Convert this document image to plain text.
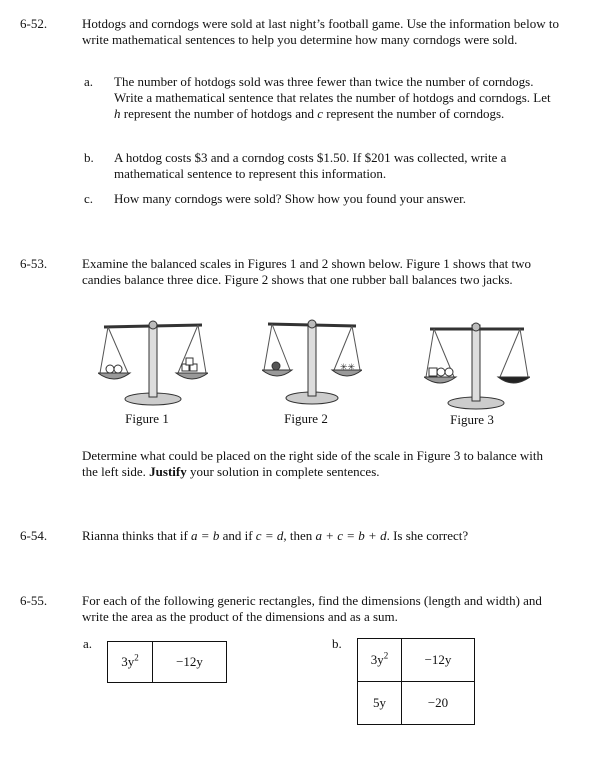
6-52.	Hotdogs and corndogs were sold at last night’s football game. Use the information below to write mathematical sentences to help you determine how many corndogs were sold.
a. The number of hotdogs sold was three fewer than twice the number of corndogs. Write a mathematical sentence that relates the number of hotdogs and corndogs. Let h represent the number of hotdogs and c represent the number of corndogs.
b. A hotdog costs $3 and a corndog costs $1.50. If $201 was collected, write a mathematical sentence to represent this information.
c. How many corndogs were sold? Show how you found your answer.
6-53.	Examine the balanced scales in Figures 1 and 2 shown below. Figure 1 shows that two candies balance three dice. Figure 2 shows that one rubber ball balances two jacks.
Figure 1
✳✳
Figure 2	Figure 3
Determine what could be placed on the right side of the scale in Figure 3 to balance with the left side. Justify your solution in complete sentences.
6-54.	Rianna thinks that if a = b and if c = d, then a + c = b + d. Is she correct?
6-55.	For each of the following generic rectangles, find the dimensions (length and width) and write the area as the product of the dimensions and as a sum.
a.
$3y^2$	−12y
b.
$3y^2$	−12y
5y	−20
